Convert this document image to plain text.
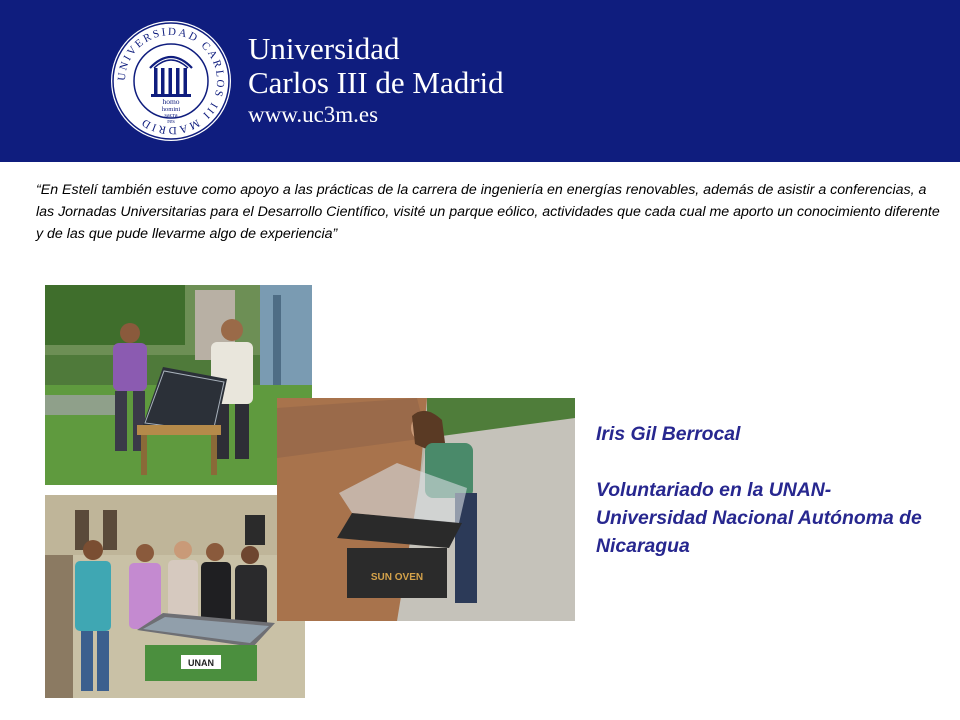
UNIVERSIDAD CARLOS III MADRID
homo
homini
sacra
res
Universidad
Carlos III de Madrid
www.uc3m.es

“En Estelí también estuve como apoyo a las prácticas de la carrera de ingeniería en energías renovables, además de asistir a conferencias, a las Jornadas Universitarias para el Desarrollo Científico, visité un parque eólico, actividades que cada cual me aporto un conocimiento diferente y de las que pude llevarme algo de experiencia”

UNAN
SUN OVEN

Iris Gil Berrocal

Voluntariado en la UNAN-Universidad Nacional Autónoma de Nicaragua
